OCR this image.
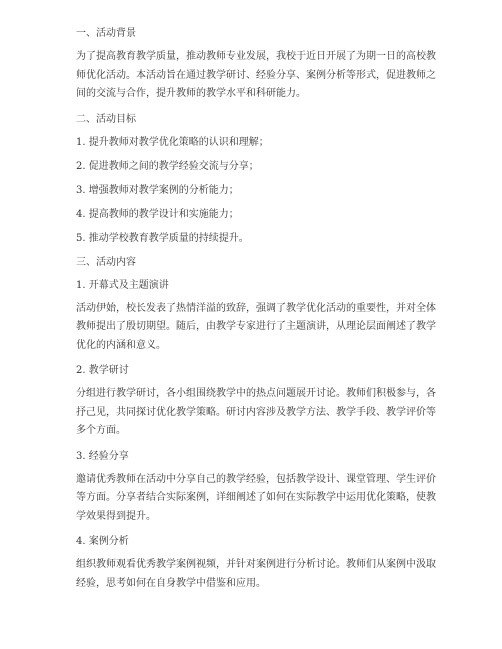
一、活动背景
为了提高教育教学质量，推动教师专业发展，我校于近日开展了为期一日的高校教师优化活动。本活动旨在通过教学研讨、经验分享、案例分析等形式，促进教师之间的交流与合作，提升教师的教学水平和科研能力。
二、活动目标
1. 提升教师对教学优化策略的认识和理解；
2. 促进教师之间的教学经验交流与分享；
3. 增强教师对教学案例的分析能力；
4. 提高教师的教学设计和实施能力；
5. 推动学校教育教学质量的持续提升。
三、活动内容
1. 开幕式及主题演讲
活动伊始，校长发表了热情洋溢的致辞，强调了教学优化活动的重要性，并对全体教师提出了殷切期望。随后，由教学专家进行了主题演讲，从理论层面阐述了教学优化的内涵和意义。
2. 教学研讨
分组进行教学研讨，各小组围绕教学中的热点问题展开讨论。教师们积极参与，各抒己见，共同探讨优化教学策略。研讨内容涉及教学方法、教学手段、教学评价等多个方面。
3. 经验分享
邀请优秀教师在活动中分享自己的教学经验，包括教学设计、课堂管理、学生评价等方面。分享者结合实际案例，详细阐述了如何在实际教学中运用优化策略，使教学效果得到提升。
4. 案例分析
组织教师观看优秀教学案例视频，并针对案例进行分析讨论。教师们从案例中汲取经验，思考如何在自身教学中借鉴和应用。
